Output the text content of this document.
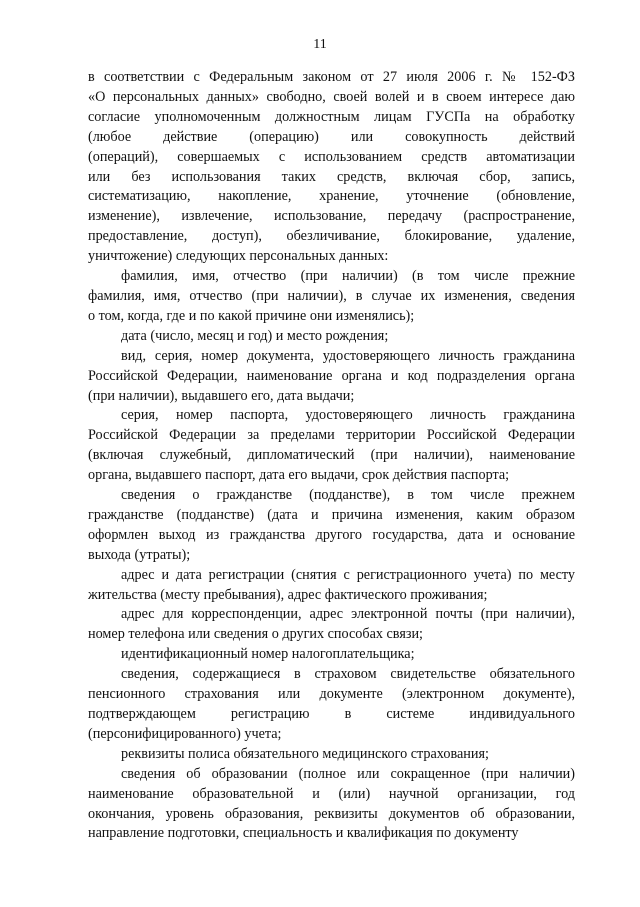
11
в соответствии с Федеральным законом от 27 июля 2006 г. № 152-ФЗ
«О персональных данных» свободно, своей волей и в своем интересе даю
согласие уполномоченным должностным лицам ГУСПа на обработку
(любое действие (операцию) или совокупность действий
(операций), совершаемых с использованием средств автоматизации
или без использования таких средств, включая сбор, запись,
систематизацию, накопление, хранение, уточнение (обновление,
изменение), извлечение, использование, передачу (распространение,
предоставление, доступ), обезличивание, блокирование, удаление,
уничтожение) следующих персональных данных:
фамилия, имя, отчество (при наличии) (в том числе прежние
фамилия, имя, отчество (при наличии), в случае их изменения, сведения
о том, когда, где и по какой причине они изменялись);
дата (число, месяц и год) и место рождения;
вид, серия, номер документа, удостоверяющего личность гражданина
Российской Федерации, наименование органа и код подразделения органа
(при наличии), выдавшего его, дата выдачи;
серия, номер паспорта, удостоверяющего личность гражданина
Российской Федерации за пределами территории Российской Федерации
(включая служебный, дипломатический (при наличии), наименование
органа, выдавшего паспорт, дата его выдачи, срок действия паспорта;
сведения о гражданстве (подданстве), в том числе прежнем
гражданстве (подданстве) (дата и причина изменения, каким образом
оформлен выход из гражданства другого государства, дата и основание
выхода (утраты);
адрес и дата регистрации (снятия с регистрационного учета) по месту
жительства (месту пребывания), адрес фактического проживания;
адрес для корреспонденции, адрес электронной почты (при наличии),
номер телефона или сведения о других способах связи;
идентификационный номер налогоплательщика;
сведения, содержащиеся в страховом свидетельстве обязательного
пенсионного страхования или документе (электронном документе),
подтверждающем регистрацию в системе индивидуального
(персонифицированного) учета;
реквизиты полиса обязательного медицинского страхования;
сведения об образовании (полное или сокращенное (при наличии)
наименование образовательной и (или) научной организации, год
окончания, уровень образования, реквизиты документов об образовании,
направление подготовки, специальность и квалификация по документу
